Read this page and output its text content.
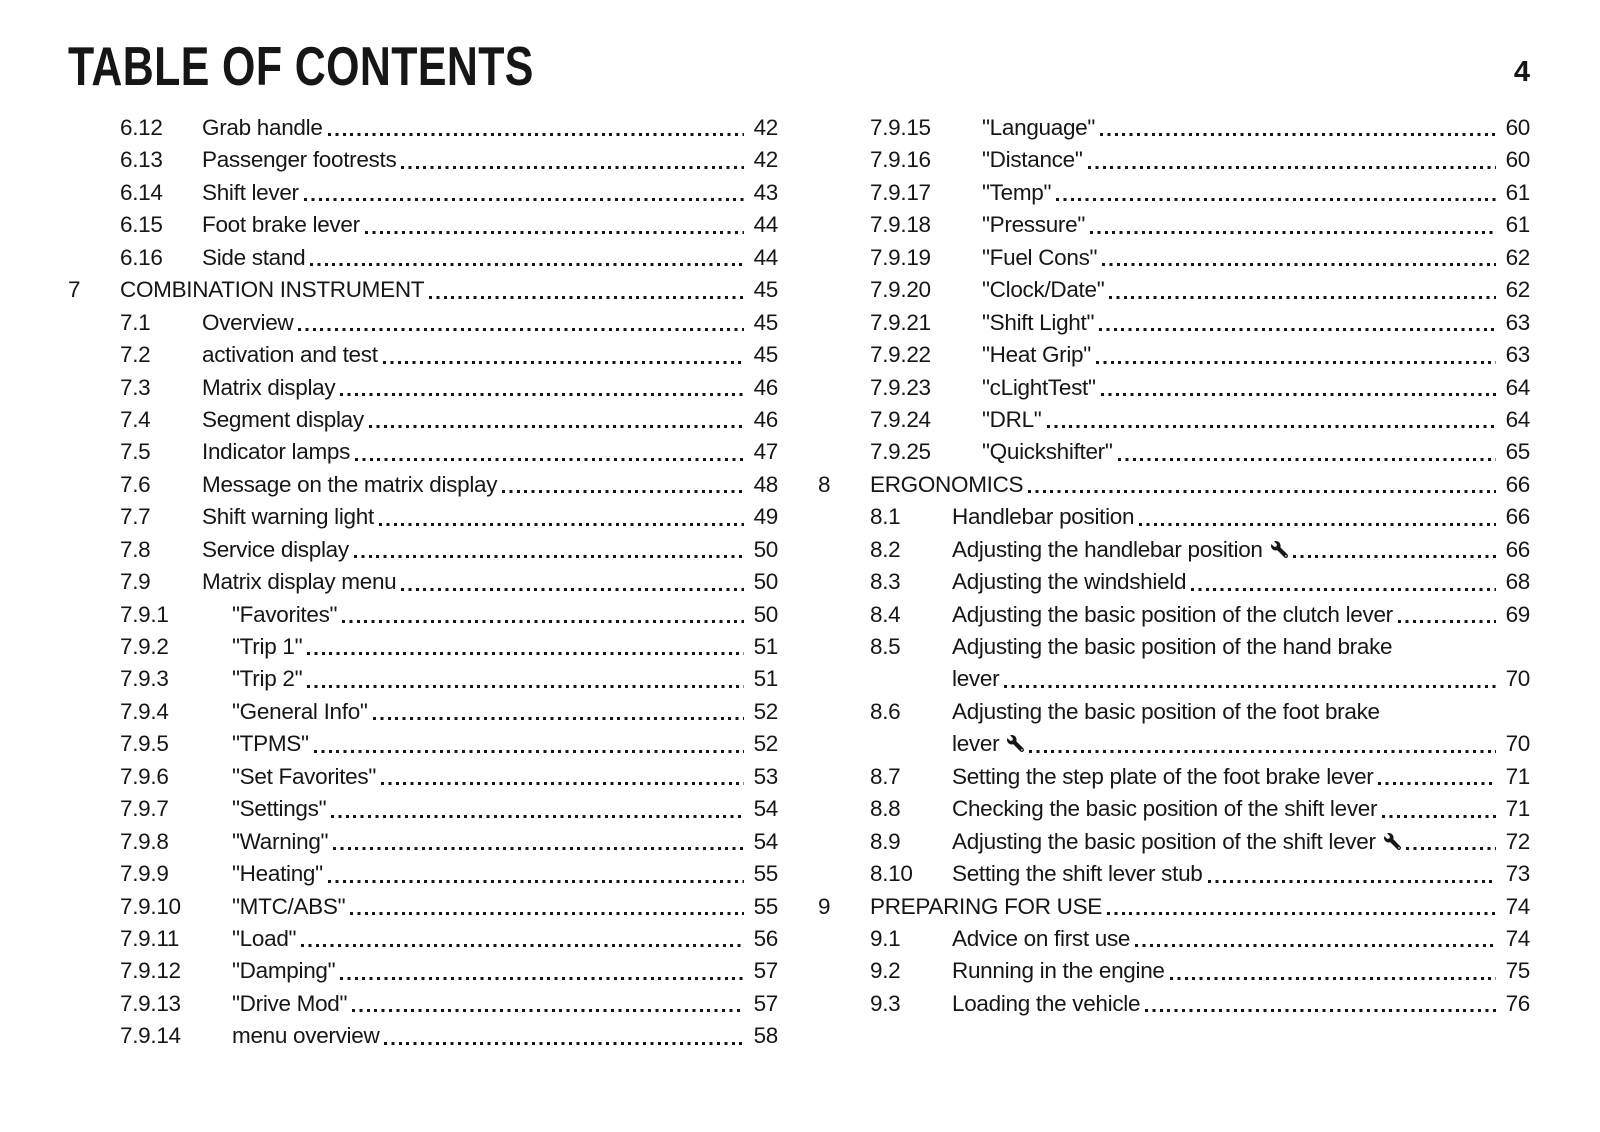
TABLE OF CONTENTS	4
6.12	Grab handle	42
6.13	Passenger footrests	42
6.14	Shift lever	43
6.15	Foot brake lever	44
6.16	Side stand	44
7	COMBINATION INSTRUMENT	45
7.1	Overview	45
7.2	activation and test	45
7.3	Matrix display	46
7.4	Segment display	46
7.5	Indicator lamps	47
7.6	Message on the matrix display	48
7.7	Shift warning light	49
7.8	Service display	50
7.9	Matrix display menu	50
7.9.1	"Favorites"	50
7.9.2	"Trip 1"	51
7.9.3	"Trip 2"	51
7.9.4	"General Info"	52
7.9.5	"TPMS"	52
7.9.6	"Set Favorites"	53
7.9.7	"Settings"	54
7.9.8	"Warning"	54
7.9.9	"Heating"	55
7.9.10	"MTC/ABS"	55
7.9.11	"Load"	56
7.9.12	"Damping"	57
7.9.13	"Drive Mod"	57
7.9.14	menu overview	58
7.9.15	"Language"	60
7.9.16	"Distance"	60
7.9.17	"Temp"	61
7.9.18	"Pressure"	61
7.9.19	"Fuel Cons"	62
7.9.20	"Clock/Date"	62
7.9.21	"Shift Light"	63
7.9.22	"Heat Grip"	63
7.9.23	"cLightTest"	64
7.9.24	"DRL"	64
7.9.25	"Quickshifter"	65
8	ERGONOMICS	66
8.1	Handlebar position	66
8.2	Adjusting the handlebar position	66
8.3	Adjusting the windshield	68
8.4	Adjusting the basic position of the clutch lever	69
8.5	Adjusting the basic position of the hand brake
lever	70
8.6	Adjusting the basic position of the foot brake
lever	70
8.7	Setting the step plate of the foot brake lever	71
8.8	Checking the basic position of the shift lever	71
8.9	Adjusting the basic position of the shift lever	72
8.10	Setting the shift lever stub	73
9	PREPARING FOR USE	74
9.1	Advice on first use	74
9.2	Running in the engine	75
9.3	Loading the vehicle	76
